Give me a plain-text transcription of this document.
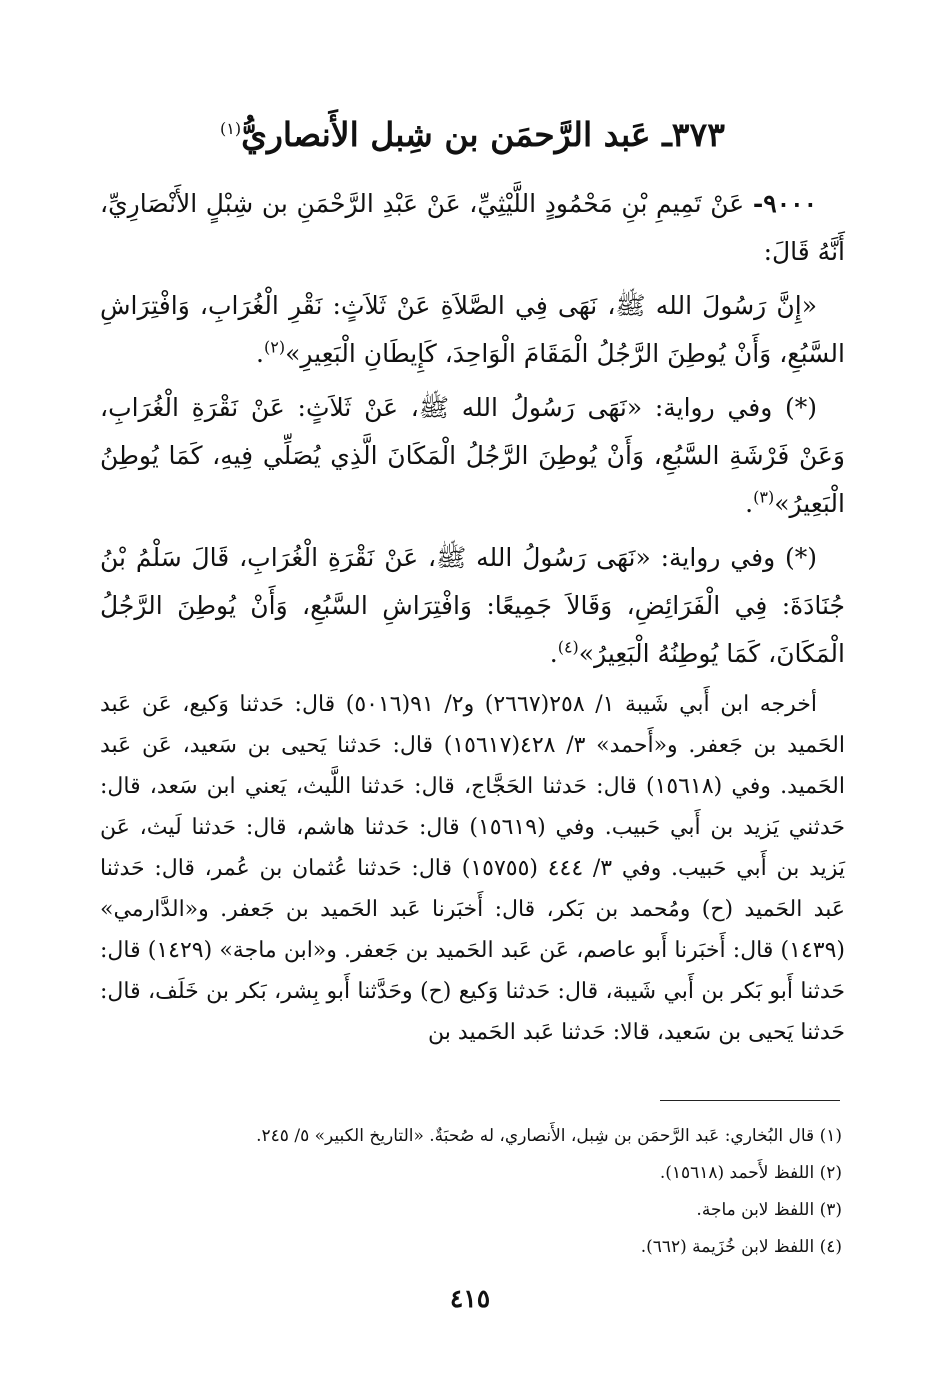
٣٧٣ـ عَبد الرَّحمَن بن شِبل الأَنصاريُّ$^{(١)}$

٩٠٠٠- عَنْ تَمِيمِ بْنِ مَحْمُودٍ اللَّيْثِيِّ، عَنْ عَبْدِ الرَّحْمَنِ بن شِبْلٍ الأَنْصَارِيِّ، أَنَّهُ قَالَ:

«إِنَّ رَسُولَ الله ﷺ، نَهَى فِي الصَّلاَةِ عَنْ ثَلاَثٍ: نَقْرِ الْغُرَابِ، وَافْتِرَاشِ السَّبُعِ، وَأَنْ يُوطِنَ الرَّجُلُ الْمَقَامَ الْوَاحِدَ، كَإِيطَانِ الْبَعِيرِ»$^{(٢)}$.

(*) وفي رواية: «نَهَى رَسُولُ الله ﷺ، عَنْ ثَلاَثٍ: عَنْ نَقْرَةِ الْغُرَابِ، وَعَنْ فَرْشَةِ السَّبُعِ، وَأَنْ يُوطِنَ الرَّجُلُ الْمَكَانَ الَّذِي يُصَلِّي فِيهِ، كَمَا يُوطِنُ الْبَعِيرُ»$^{(٣)}$.

(*) وفي رواية: «نَهَى رَسُولُ الله ﷺ، عَنْ نَقْرَةِ الْغُرَابِ، قَالَ سَلْمُ بْنُ جُنَادَةَ: فِي الْفَرَائِضِ، وَقَالاَ جَمِيعًا: وَافْتِرَاشِ السَّبُعِ، وَأَنْ يُوطِنَ الرَّجُلُ الْمَكَانَ، كَمَا يُوطِنُهُ الْبَعِيرُ»$^{(٤)}$.

أخرجه ابن أَبي شَيبة ١/ ٢٥٨(٢٦٦٧) و٢/ ٩١(٥٠١٦) قال: حَدثنا وَكيع، عَن عَبد الحَميد بن جَعفر. و«أَحمد» ٣/ ٤٢٨(١٥٦١٧) قال: حَدثنا يَحيى بن سَعيد، عَن عَبد الحَميد. وفي (١٥٦١٨) قال: حَدثنا الحَجَّاج، قال: حَدثنا اللَّيث، يَعني ابن سَعد، قال: حَدثني يَزيد بن أَبي حَبيب. وفي (١٥٦١٩) قال: حَدثنا هاشم، قال: حَدثنا لَيث، عَن يَزيد بن أَبي حَبيب. وفي ٣/ ٤٤٤ (١٥٧٥٥) قال: حَدثنا عُثمان بن عُمر، قال: حَدثنا عَبد الحَميد (ح) ومُحمد بن بَكر، قال: أَخبَرنا عَبد الحَميد بن جَعفر. و«الدَّارمي» (١٤٣٩) قال: أَخبَرنا أَبو عاصم، عَن عَبد الحَميد بن جَعفر. و«ابن ماجة» (١٤٢٩) قال: حَدثنا أَبو بَكر بن أَبي شَيبة، قال: حَدثنا وَكيع (ح) وحَدَّثنا أَبو بِشر، بَكر بن خَلَف، قال: حَدثنا يَحيى بن سَعيد، قالا: حَدثنا عَبد الحَميد بن

(١) قال البُخاري: عَبد الرَّحمَن بن شِبل، الأَنصاري، له صُحبَةٌ. «التاريخ الكبير» ٥/ ٢٤٥.

(٢) اللفظ لأَحمد (١٥٦١٨).

(٣) اللفظ لابن ماجة.

(٤) اللفظ لابن خُزَيمة (٦٦٢).

٤١٥
